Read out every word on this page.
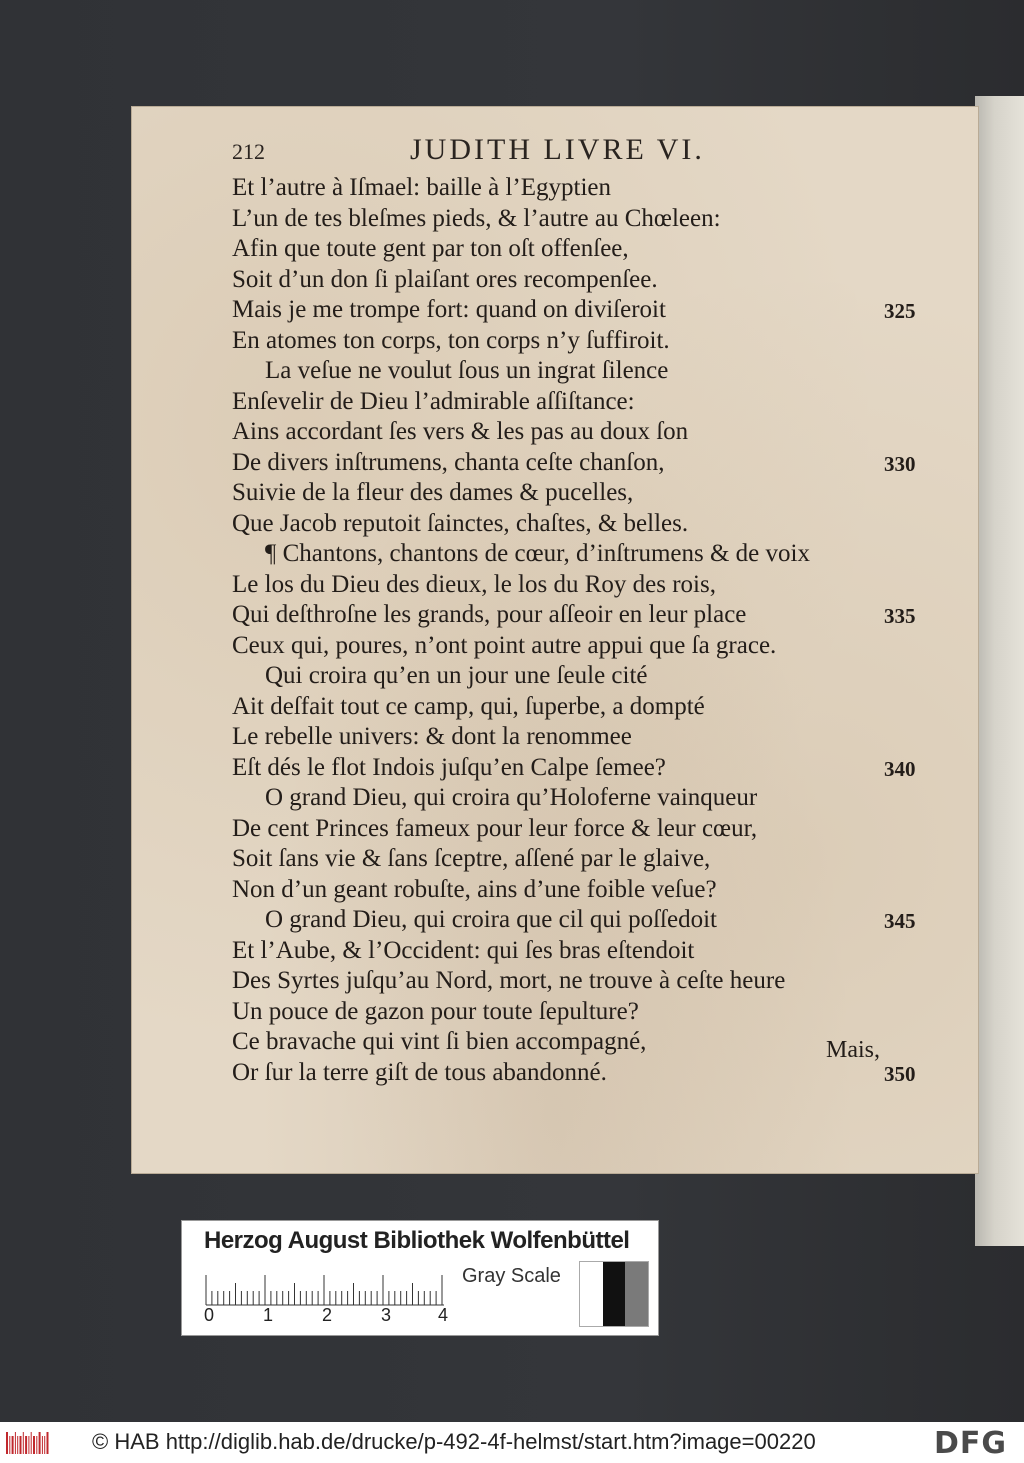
212	JUDITH LIVRE VI.
Et l’autre à Iſmael: baille à l’Egyptien
L’un de tes bleſmes pieds, & l’autre au Chœleen:
Afin que toute gent par ton oſt offenſee,
Soit d’un don ſi plaiſant ores recompenſee.
Mais je me trompe fort: quand on diviſeroit
En atomes ton corps, ton corps n’y ſuffiroit.
La veſue ne voulut ſous un ingrat ſilence
Enſevelir de Dieu l’admirable aſſiſtance:
Ains accordant ſes vers & les pas au doux ſon
De divers inſtrumens, chanta ceſte chanſon,
Suivie de la fleur des dames & pucelles,
Que Jacob reputoit ſainctes, chaſtes, & belles.
¶ Chantons, chantons de cœur, d’inſtrumens & de voix
Le los du Dieu des dieux, le los du Roy des rois,
Qui deſthroſne les grands, pour aſſeoir en leur place
Ceux qui, poures, n’ont point autre appui que ſa grace.
Qui croira qu’en un jour une ſeule cité
Ait deſfait tout ce camp, qui, ſuperbe, a dompté
Le rebelle univers: & dont la renommee
Eſt dés le flot Indois juſqu’en Calpe ſemee?
O grand Dieu, qui croira qu’Holoferne vainqueur
De cent Princes fameux pour leur force & leur cœur,
Soit ſans vie & ſans ſceptre, aſſené par le glaive,
Non d’un geant robuſte, ains d’une foible veſue?
O grand Dieu, qui croira que cil qui poſſedoit
Et l’Aube, & l’Occident: qui ſes bras eſtendoit
Des Syrtes juſqu’au Nord, mort, ne trouve à ceſte heure
Un pouce de gazon pour toute ſepulture?
Ce bravache qui vint ſi bien accompagné,
Or ſur la terre giſt de tous abandonné.
325
330
335
340
345
350
Mais,
Herzog August Bibliothek Wolfenbüttel
0	1	2	3	4
Gray Scale
© HAB http://diglib.hab.de/drucke/p-492-4f-helmst/start.htm?image=00220	DFG
